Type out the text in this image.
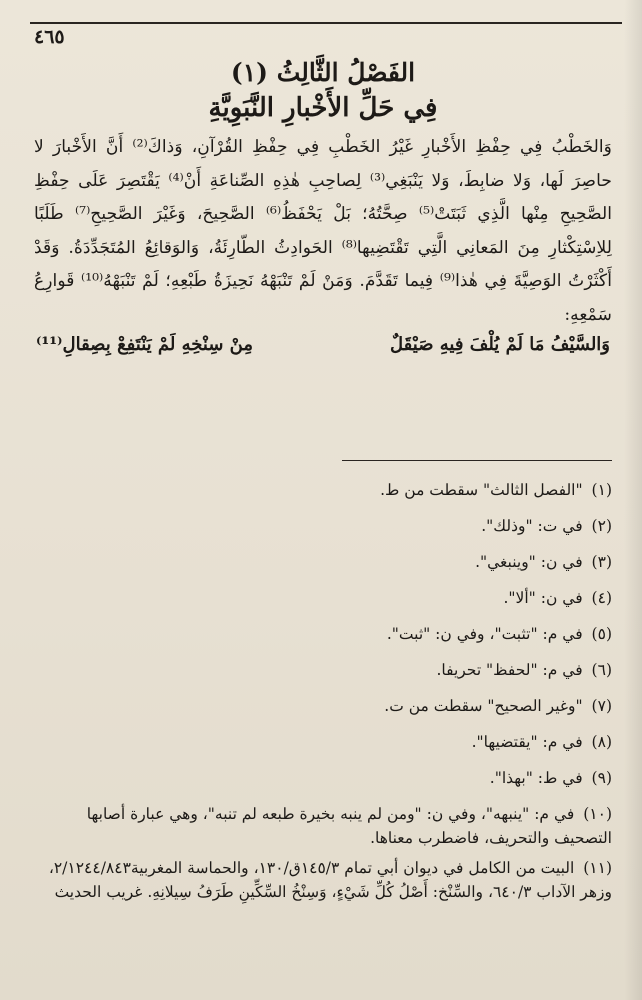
٤٦٥
الفَصْلُ الثَّالِثُ (١)
فِي حَلِّ الأَخْبارِ النَّبَوِيَّةِ

وَالخَطْبُ فِي حِفْظِ الأَخْبارِ غَيْرُ الخَطْبِ فِي حِفْظِ القُرْآنِ، وَذاكَ⁽²⁾ أَنَّ الأَخْبارَ لا حاصِرَ لَها، وَلا ضابِطَ، وَلا يَنْبَغِي⁽³⁾ لِصاحِبِ هٰذِهِ الصِّناعَةِ أَنْ⁽⁴⁾ يَقْتَصِرَ عَلَى حِفْظِ الصَّحِيحِ مِنْها الَّذِي ثَبَتَتْ⁽⁵⁾ صِحَّتُهُ؛ بَلْ يَحْفَظُ⁽⁶⁾ الصَّحِيحَ، وَغَيْرَ الصَّحِيحِ⁽⁷⁾ طَلَبًا لِلاِسْتِكْثارِ مِنَ المَعانِي الَّتِي تَقْتَضِيها⁽⁸⁾ الحَوادِثُ الطّارِئَةُ، وَالوَقائِعُ المُتَجَدِّدَةُ. وَقَدْ أَكْثَرْتُ الوَصِيَّةَ فِي هٰذا⁽⁹⁾ فِيما تَقَدَّمَ. وَمَنْ لَمْ تَنْبَهْهُ نَحِيزَةُ طَبْعِهِ؛ لَمْ تَنْبَهْهُ⁽¹⁰⁾ قَوارِعُ سَمْعِهِ:

وَالسَّيْفُ مَا لَمْ يُلْفَ فِيهِ صَيْقَلٌ
مِنْ سِنْخِهِ لَمْ يَنْتَفِعْ بِصِقالِ⁽¹¹⁾
(١) "الفصل الثالث" سقطت من ط.
(٢) في ت: "وذلك".
(٣) في ن: "وينبغي".
(٤) في ن: "ألا".
(٥) في م: "تثبت"، وفي ن: "ثبت".
(٦) في م: "لحفظ" تحريفا.
(٧) "وغير الصحيح" سقطت من ت.
(٨) في م: "يقتضيها".
(٩) في ط: "بهذا".
(١٠) في م: "ينبهه"، وفي ن: "ومن لم ينبه بخيرة طبعه لم تنبه"، وهي عبارة أصابها التصحيف والتحريف، فاضطرب معناها.
(١١) البيت من الكامل في ديوان أبي تمام ١٤٥/٣ق/١٣٠، والحماسة المغربية٢/١٢٤٤/٨٤٣، وزهر الآداب ٦٤٠/٣، والسِّنْخ: أَصْلُ كُلِّ شَيْءٍ، وَسِنْخُ السِّكِّينِ طَرَفُ سِيلانِهِ. غريب الحديث
